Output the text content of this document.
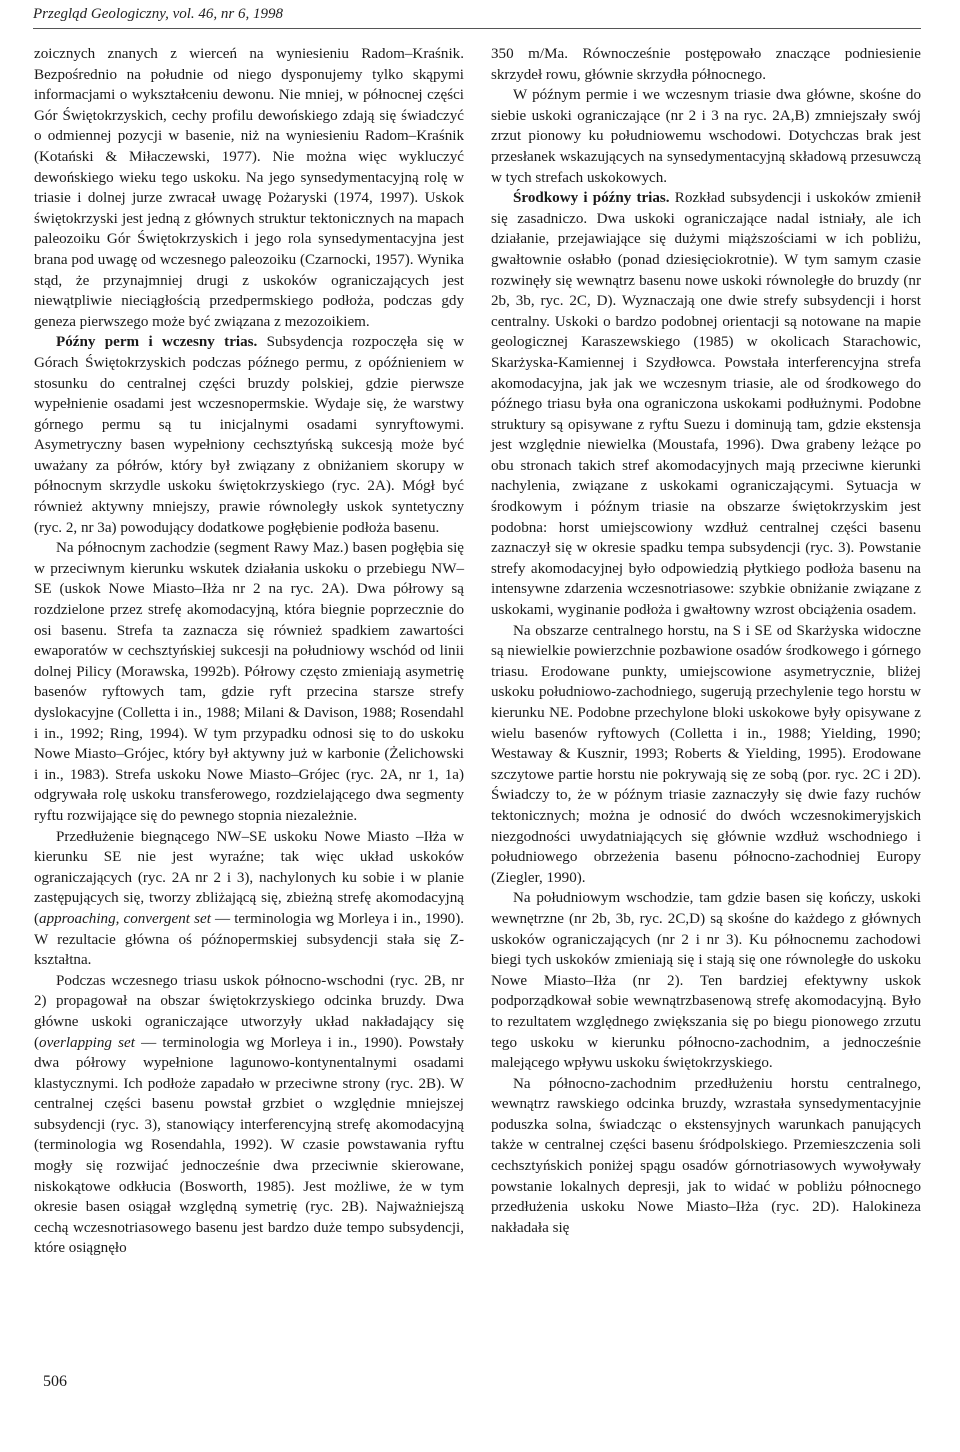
Przegląd Geologiczny, vol. 46, nr 6, 1998

zoicznych znanych z wierceń na wyniesieniu Radom–Kraśnik. Bezpośrednio na południe od niego dysponujemy tylko skąpymi informacjami o wykształceniu dewonu. Nie mniej, w północnej części Gór Świętokrzyskich, cechy profilu dewońskiego zdają się świadczyć o odmiennej pozycji w basenie, niż na wyniesieniu Radom–Kraśnik (Kotański & Miłaczewski, 1977). Nie można więc wykluczyć dewońskiego wieku tego uskoku. Na jego synsedymentacyjną rolę w triasie i dolnej jurze zwracał uwagę Pożaryski (1974, 1997). Uskok świętokrzyski jest jedną z głównych struktur tektonicznych na mapach paleozoiku Gór Świętokrzyskich i jego rola synsedymentacyjna jest brana pod uwagę od wczesnego paleozoiku (Czarnocki, 1957). Wynika stąd, że przynajmniej drugi z uskoków ograniczających jest niewątpliwie nieciągłością przedpermskiego podłoża, podczas gdy geneza pierwszego może być związana z mezozoikiem.

Późny perm i wczesny trias. Subsydencja rozpoczęła się w Górach Świętokrzyskich podczas późnego permu, z opóźnieniem w stosunku do centralnej części bruzdy polskiej, gdzie pierwsze wypełnienie osadami jest wczesnopermskie. Wydaje się, że warstwy górnego permu są tu inicjalnymi osadami synryftowymi. Asymetryczny basen wypełniony cechsztyńską sukcesją może być uważany za półrów, który był związany z obniżaniem skorupy w północnym skrzydle uskoku świętokrzyskiego (ryc. 2A). Mógł być również aktywny mniejszy, prawie równoległy uskok syntetyczny (ryc. 2, nr 3a) powodujący dodatkowe pogłębienie podłoża basenu.

Na północnym zachodzie (segment Rawy Maz.) basen pogłębia się w przeciwnym kierunku wskutek działania uskoku o przebiegu NW–SE (uskok Nowe Miasto–Iłża nr 2 na ryc. 2A). Dwa półrowy są rozdzielone przez strefę akomodacyjną, która biegnie poprzecznie do osi basenu. Strefa ta zaznacza się również spadkiem zawartości ewaporatów w cechsztyńskiej sukcesji na południowy wschód od linii dolnej Pilicy (Morawska, 1992b). Półrowy często zmieniają asymetrię basenów ryftowych tam, gdzie ryft przecina starsze strefy dyslokacyjne (Colletta i in., 1988; Milani & Davison, 1988; Rosendahl i in., 1992; Ring, 1994). W tym przypadku odnosi się to do uskoku Nowe Miasto–Grójec, który był aktywny już w karbonie (Żelichowski i in., 1983). Strefa uskoku Nowe Miasto–Grójec (ryc. 2A, nr 1, 1a) odgrywała rolę uskoku transferowego, rozdzielającego dwa segmenty ryftu rozwijające się do pewnego stopnia niezależnie.

Przedłużenie biegnącego NW–SE uskoku Nowe Miasto –Iłża w kierunku SE nie jest wyraźne; tak więc układ uskoków ograniczających (ryc. 2A nr 2 i 3), nachylonych ku sobie i w planie zastępujących się, tworzy zbliżającą się, zbieżną strefę akomodacyjną (approaching, convergent set — terminologia wg Morleya i in., 1990). W rezultacie główna oś późnopermskiej subsydencji stała się Z-kształtna.

Podczas wczesnego triasu uskok północno-wschodni (ryc. 2B, nr 2) propagował na obszar świętokrzyskiego odcinka bruzdy. Dwa główne uskoki ograniczające utworzyły układ nakładający się (overlapping set — terminologia wg Morleya i in., 1990). Powstały dwa półrowy wypełnione lagunowo-kontynentalnymi osadami klastycznymi. Ich podłoże zapadało w przeciwne strony (ryc. 2B). W centralnej części basenu powstał grzbiet o względnie mniejszej subsydencji (ryc. 3), stanowiący interferencyjną strefę akomodacyjną (terminologia wg Rosendahla, 1992). W czasie powstawania ryftu mogły się rozwijać jednocześnie dwa przeciwnie skierowane, niskokątowe odkłucia (Bosworth, 1985). Jest możliwe, że w tym okresie basen osiągał względną symetrię (ryc. 2B). Najważniejszą cechą wczesnotriasowego basenu jest bardzo duże tempo subsydencji, które osiągnęło

350 m/Ma. Równocześnie postępowało znaczące podniesienie skrzydeł rowu, głównie skrzydła północnego.

W późnym permie i we wczesnym triasie dwa główne, skośne do siebie uskoki ograniczające (nr 2 i 3 na ryc. 2A,B) zmniejszały swój zrzut pionowy ku południowemu wschodowi. Dotychczas brak jest przesłanek wskazujących na synsedymentacyjną składową przesuwczą w tych strefach uskokowych.

Środkowy i późny trias. Rozkład subsydencji i uskoków zmienił się zasadniczo. Dwa uskoki ograniczające nadal istniały, ale ich działanie, przejawiające się dużymi miąższościami w ich pobliżu, gwałtownie osłabło (ponad dziesięciokrotnie). W tym samym czasie rozwinęły się wewnątrz basenu nowe uskoki równoległe do bruzdy (nr 2b, 3b, ryc. 2C, D). Wyznaczają one dwie strefy subsydencji i horst centralny. Uskoki o bardzo podobnej orientacji są notowane na mapie geologicznej Karaszewskiego (1985) w okolicach Starachowic, Skarżyska-Kamiennej i Szydłowca. Powstała interferencyjna strefa akomodacyjna, jak jak we wczesnym triasie, ale od środkowego do późnego triasu była ona ograniczona uskokami podłużnymi. Podobne struktury są opisywane z ryftu Suezu i dominują tam, gdzie ekstensja jest względnie niewielka (Moustafa, 1996). Dwa grabeny leżące po obu stronach takich stref akomodacyjnych mają przeciwne kierunki nachylenia, związane z uskokami ograniczającymi. Sytuacja w środkowym i późnym triasie na obszarze świętokrzyskim jest podobna: horst umiejscowiony wzdłuż centralnej części basenu zaznaczył się w okresie spadku tempa subsydencji (ryc. 3). Powstanie strefy akomodacyjnej było odpowiedzią płytkiego podłoża basenu na intensywne zdarzenia wczesnotriasowe: szybkie obniżanie związane z uskokami, wyginanie podłoża i gwałtowny wzrost obciążenia osadem.

Na obszarze centralnego horstu, na S i SE od Skarżyska widoczne są niewielkie powierzchnie pozbawione osadów środkowego i górnego triasu. Erodowane punkty, umiejscowione asymetrycznie, bliżej uskoku południowo-zachodniego, sugerują przechylenie tego horstu w kierunku NE. Podobne przechylone bloki uskokowe były opisywane z wielu basenów ryftowych (Colletta i in., 1988; Yielding, 1990; Westaway & Kusznir, 1993; Roberts & Yielding, 1995). Erodowane szczytowe partie horstu nie pokrywają się ze sobą (por. ryc. 2C i 2D). Świadczy to, że w późnym triasie zaznaczyły się dwie fazy ruchów tektonicznych; można je odnosić do dwóch wczesnokimeryjskich niezgodności uwydatniających się głównie wzdłuż wschodniego i południowego obrzeżenia basenu północno-zachodniej Europy (Ziegler, 1990).

Na południowym wschodzie, tam gdzie basen się kończy, uskoki wewnętrzne (nr 2b, 3b, ryc. 2C,D) są skośne do każdego z głównych uskoków ograniczających (nr 2 i nr 3). Ku północnemu zachodowi biegi tych uskoków zmieniają się i stają się one równoległe do uskoku Nowe Miasto–Iłża (nr 2). Ten bardziej efektywny uskok podporządkował sobie wewnątrzbasenową strefę akomodacyjną. Było to rezultatem względnego zwiększania się po biegu pionowego zrzutu tego uskoku w kierunku północno-zachodnim, a jednocześnie malejącego wpływu uskoku świętokrzyskiego.

Na północno-zachodnim przedłużeniu horstu centralnego, wewnątrz rawskiego odcinka bruzdy, wzrastała synsedymentacyjnie poduszka solna, świadcząc o ekstensyjnych warunkach panujących także w centralnej części basenu śródpolskiego. Przemieszczenia soli cechsztyńskich poniżej spągu osadów górnotriasowych wywoływały powstanie lokalnych depresji, jak to widać w pobliżu północnego przedłużenia uskoku Nowe Miasto–Iłża (ryc. 2D). Halokineza nakładała się

506
